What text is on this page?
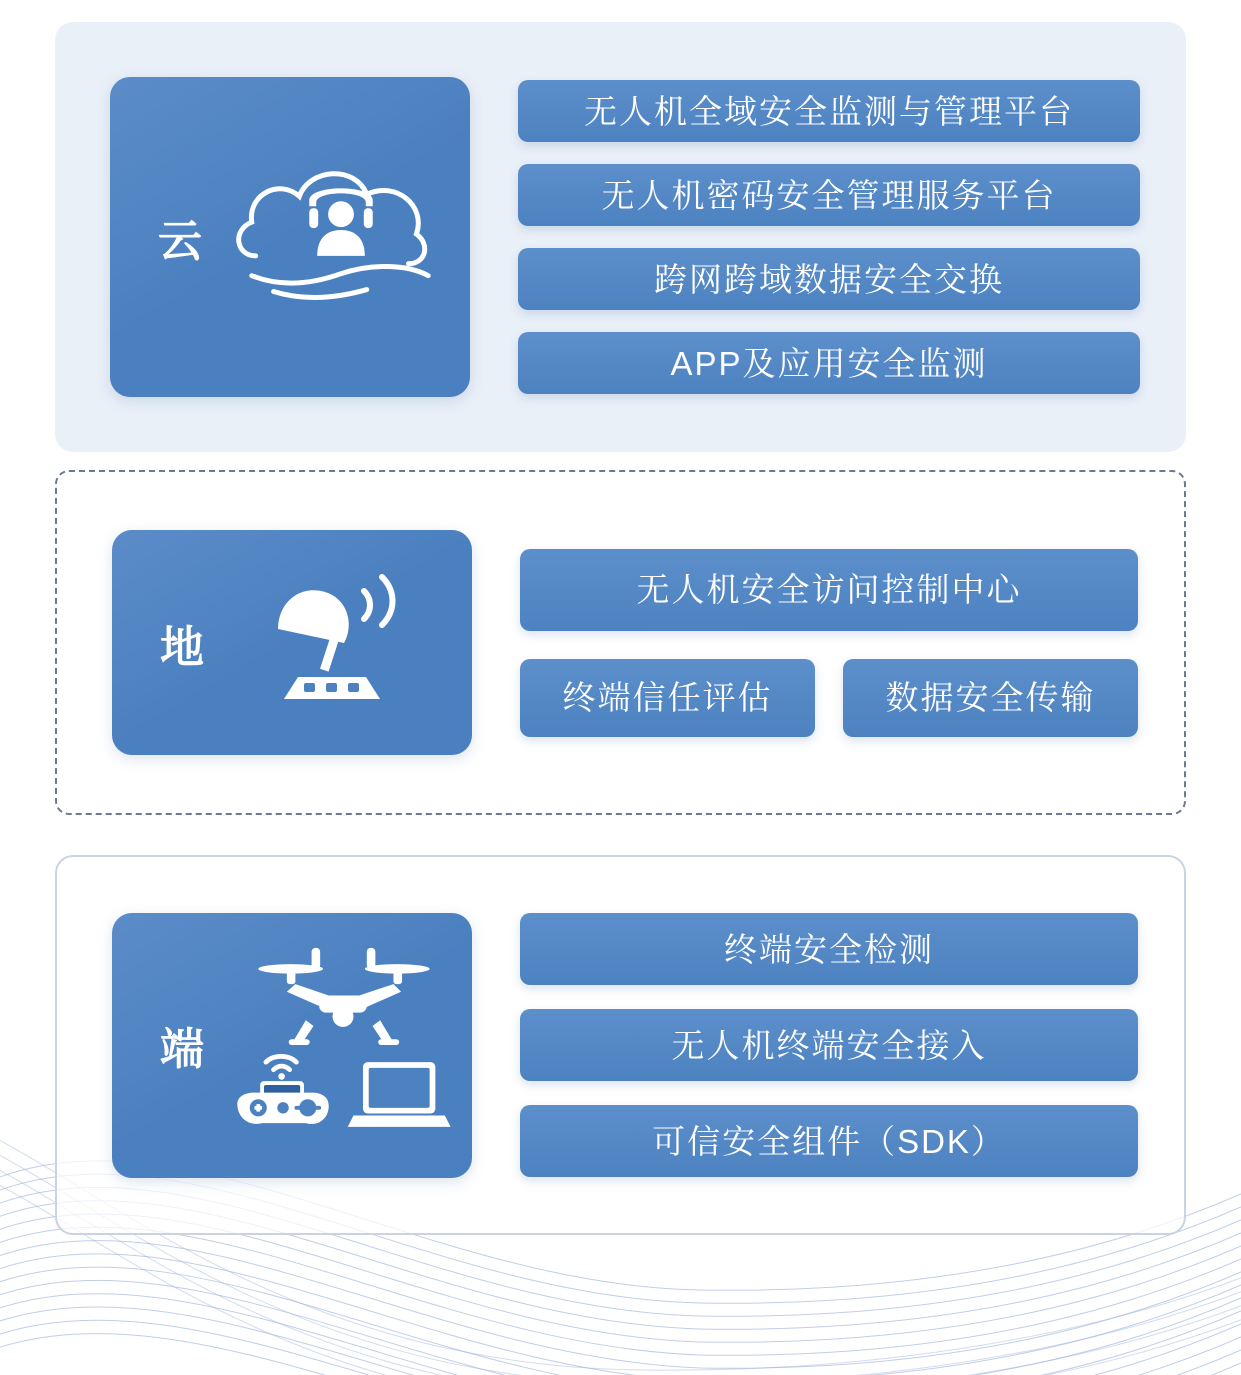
云
无人机全域安全监测与管理平台
无人机密码安全管理服务平台
跨网跨域数据安全交换
APP及应用安全监测
地
无人机安全访问控制中心
终端信任评估	数据安全传输
端
终端安全检测
无人机终端安全接入
可信安全组件（SDK）
